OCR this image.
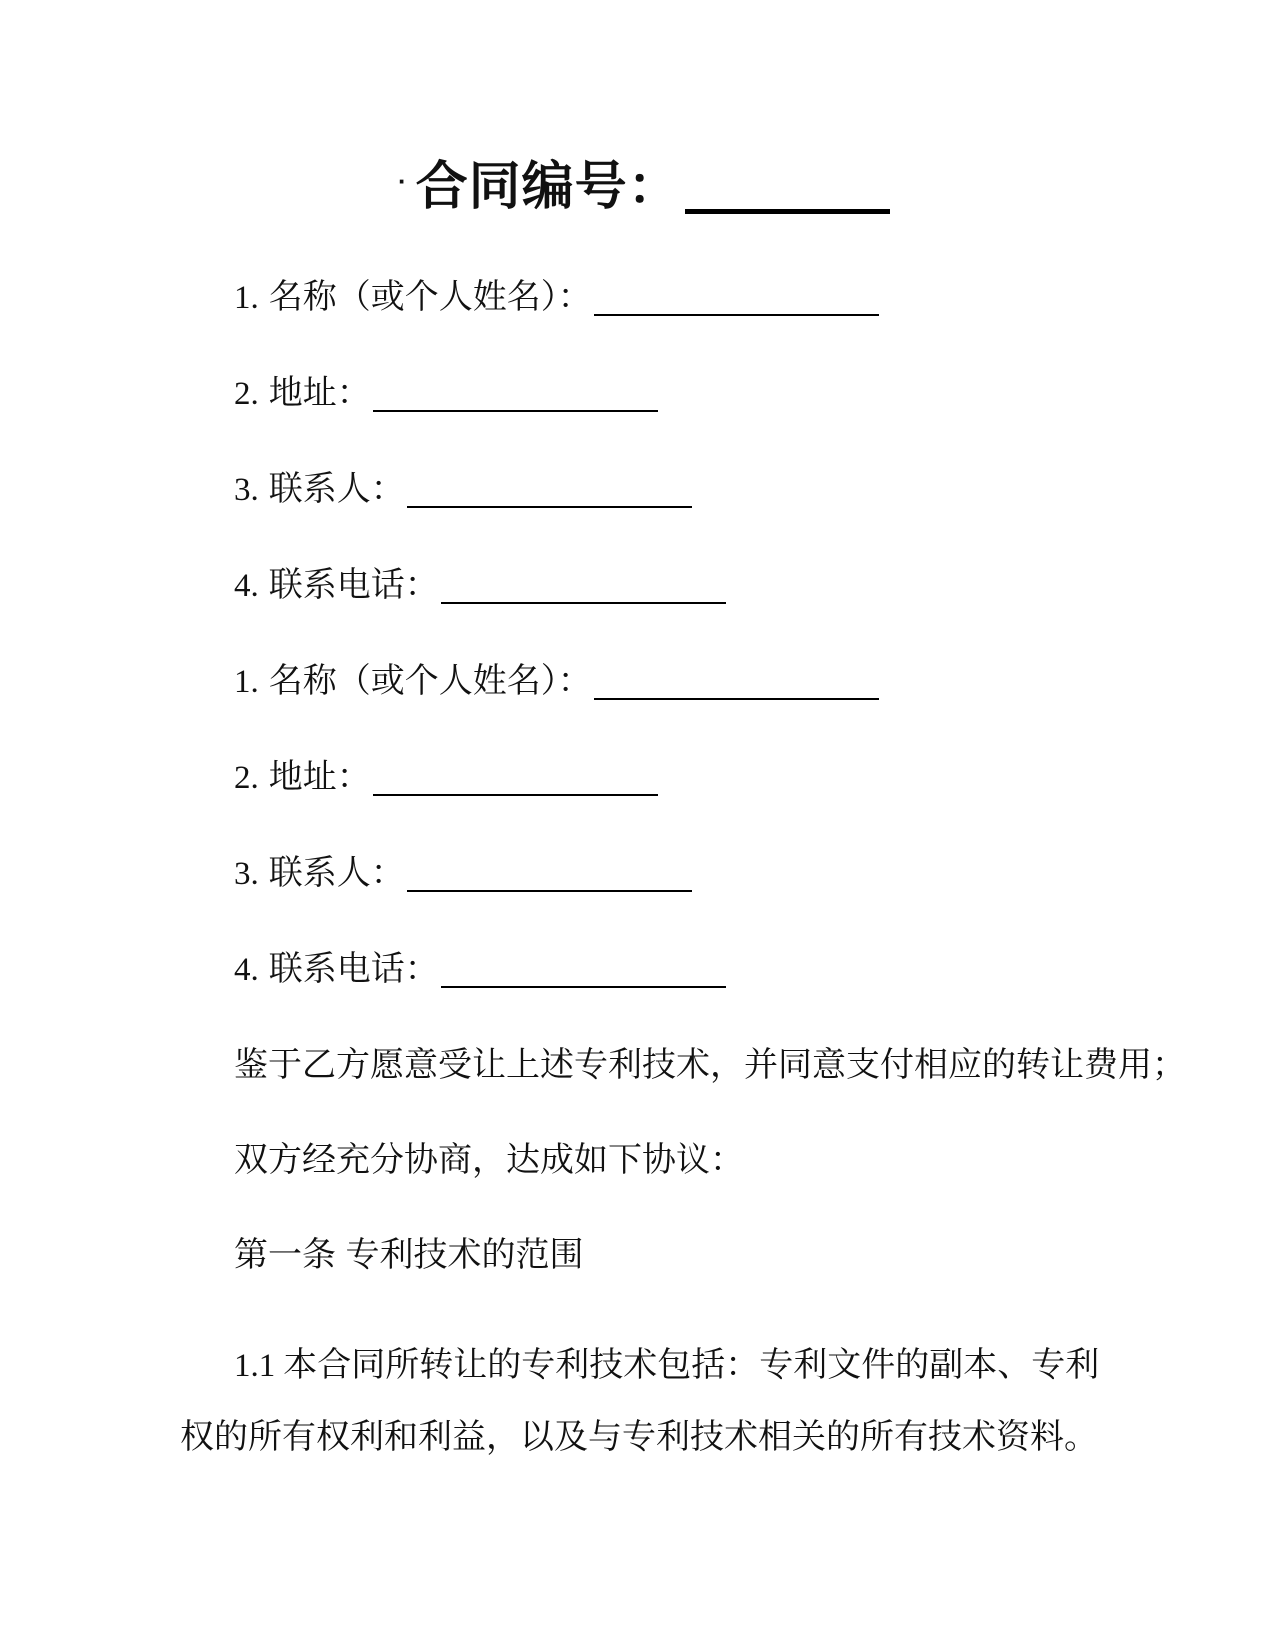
· 合同编号：
1. 名称（或个人姓名）：
2. 地址：
3. 联系人：
4. 联系电话：
1. 名称（或个人姓名）：
2. 地址：
3. 联系人：
4. 联系电话：
鉴于乙方愿意受让上述专利技术，并同意支付相应的转让费用；
双方经充分协商，达成如下协议：
第一条 专利技术的范围
1.1 本合同所转让的专利技术包括：专利文件的副本、专利权的所有权利和利益，以及与专利技术相关的所有技术资料。
